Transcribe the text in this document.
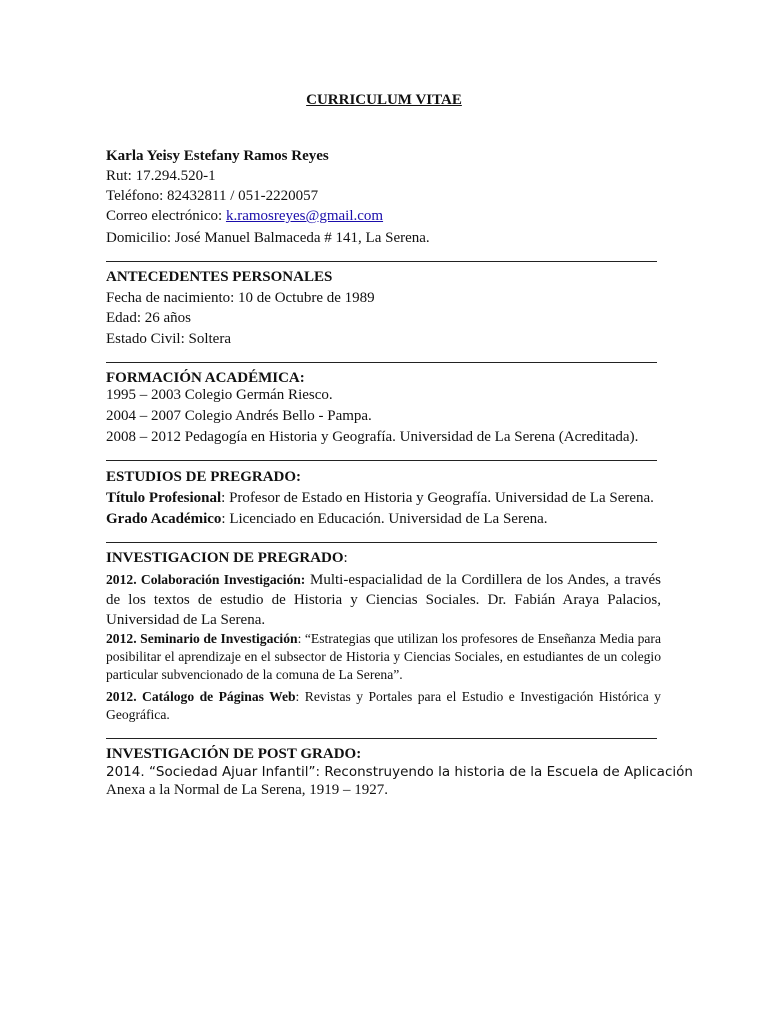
CURRICULUM VITAE
Karla Yeisy Estefany Ramos Reyes
Rut: 17.294.520-1
Teléfono: 82432811 / 051-2220057
Correo electrónico: k.ramosreyes@gmail.com
Domicilio: José Manuel Balmaceda # 141, La Serena.
ANTECEDENTES PERSONALES
Fecha de nacimiento: 10 de Octubre de 1989
Edad: 26 años
Estado Civil: Soltera
FORMACIÓN ACADÉMICA:
1995 – 2003 Colegio Germán Riesco.
2004 – 2007 Colegio Andrés Bello - Pampa.
2008 – 2012 Pedagogía en Historia y Geografía. Universidad de La Serena (Acreditada).
ESTUDIOS DE PREGRADO:
Título Profesional: Profesor de Estado en Historia y Geografía. Universidad de La Serena.
Grado Académico: Licenciado en Educación. Universidad de La Serena.
INVESTIGACION DE PREGRADO:
2012. Colaboración Investigación: Multi-espacialidad de la Cordillera de los Andes, a través de los textos de estudio de Historia y Ciencias Sociales. Dr. Fabián Araya Palacios, Universidad de La Serena.
2012. Seminario de Investigación: “Estrategias que utilizan los profesores de Enseñanza Media para posibilitar el aprendizaje en el subsector de Historia y Ciencias Sociales, en estudiantes de un colegio particular subvencionado de la comuna de La Serena”.
2012. Catálogo de Páginas Web: Revistas y Portales para el Estudio e Investigación Histórica y Geográfica.
INVESTIGACIÓN DE POST GRADO:
2014. “Sociedad Ajuar Infantil”: Reconstruyendo la historia de la Escuela de Aplicación
Anexa a la Normal de La Serena, 1919 – 1927.
